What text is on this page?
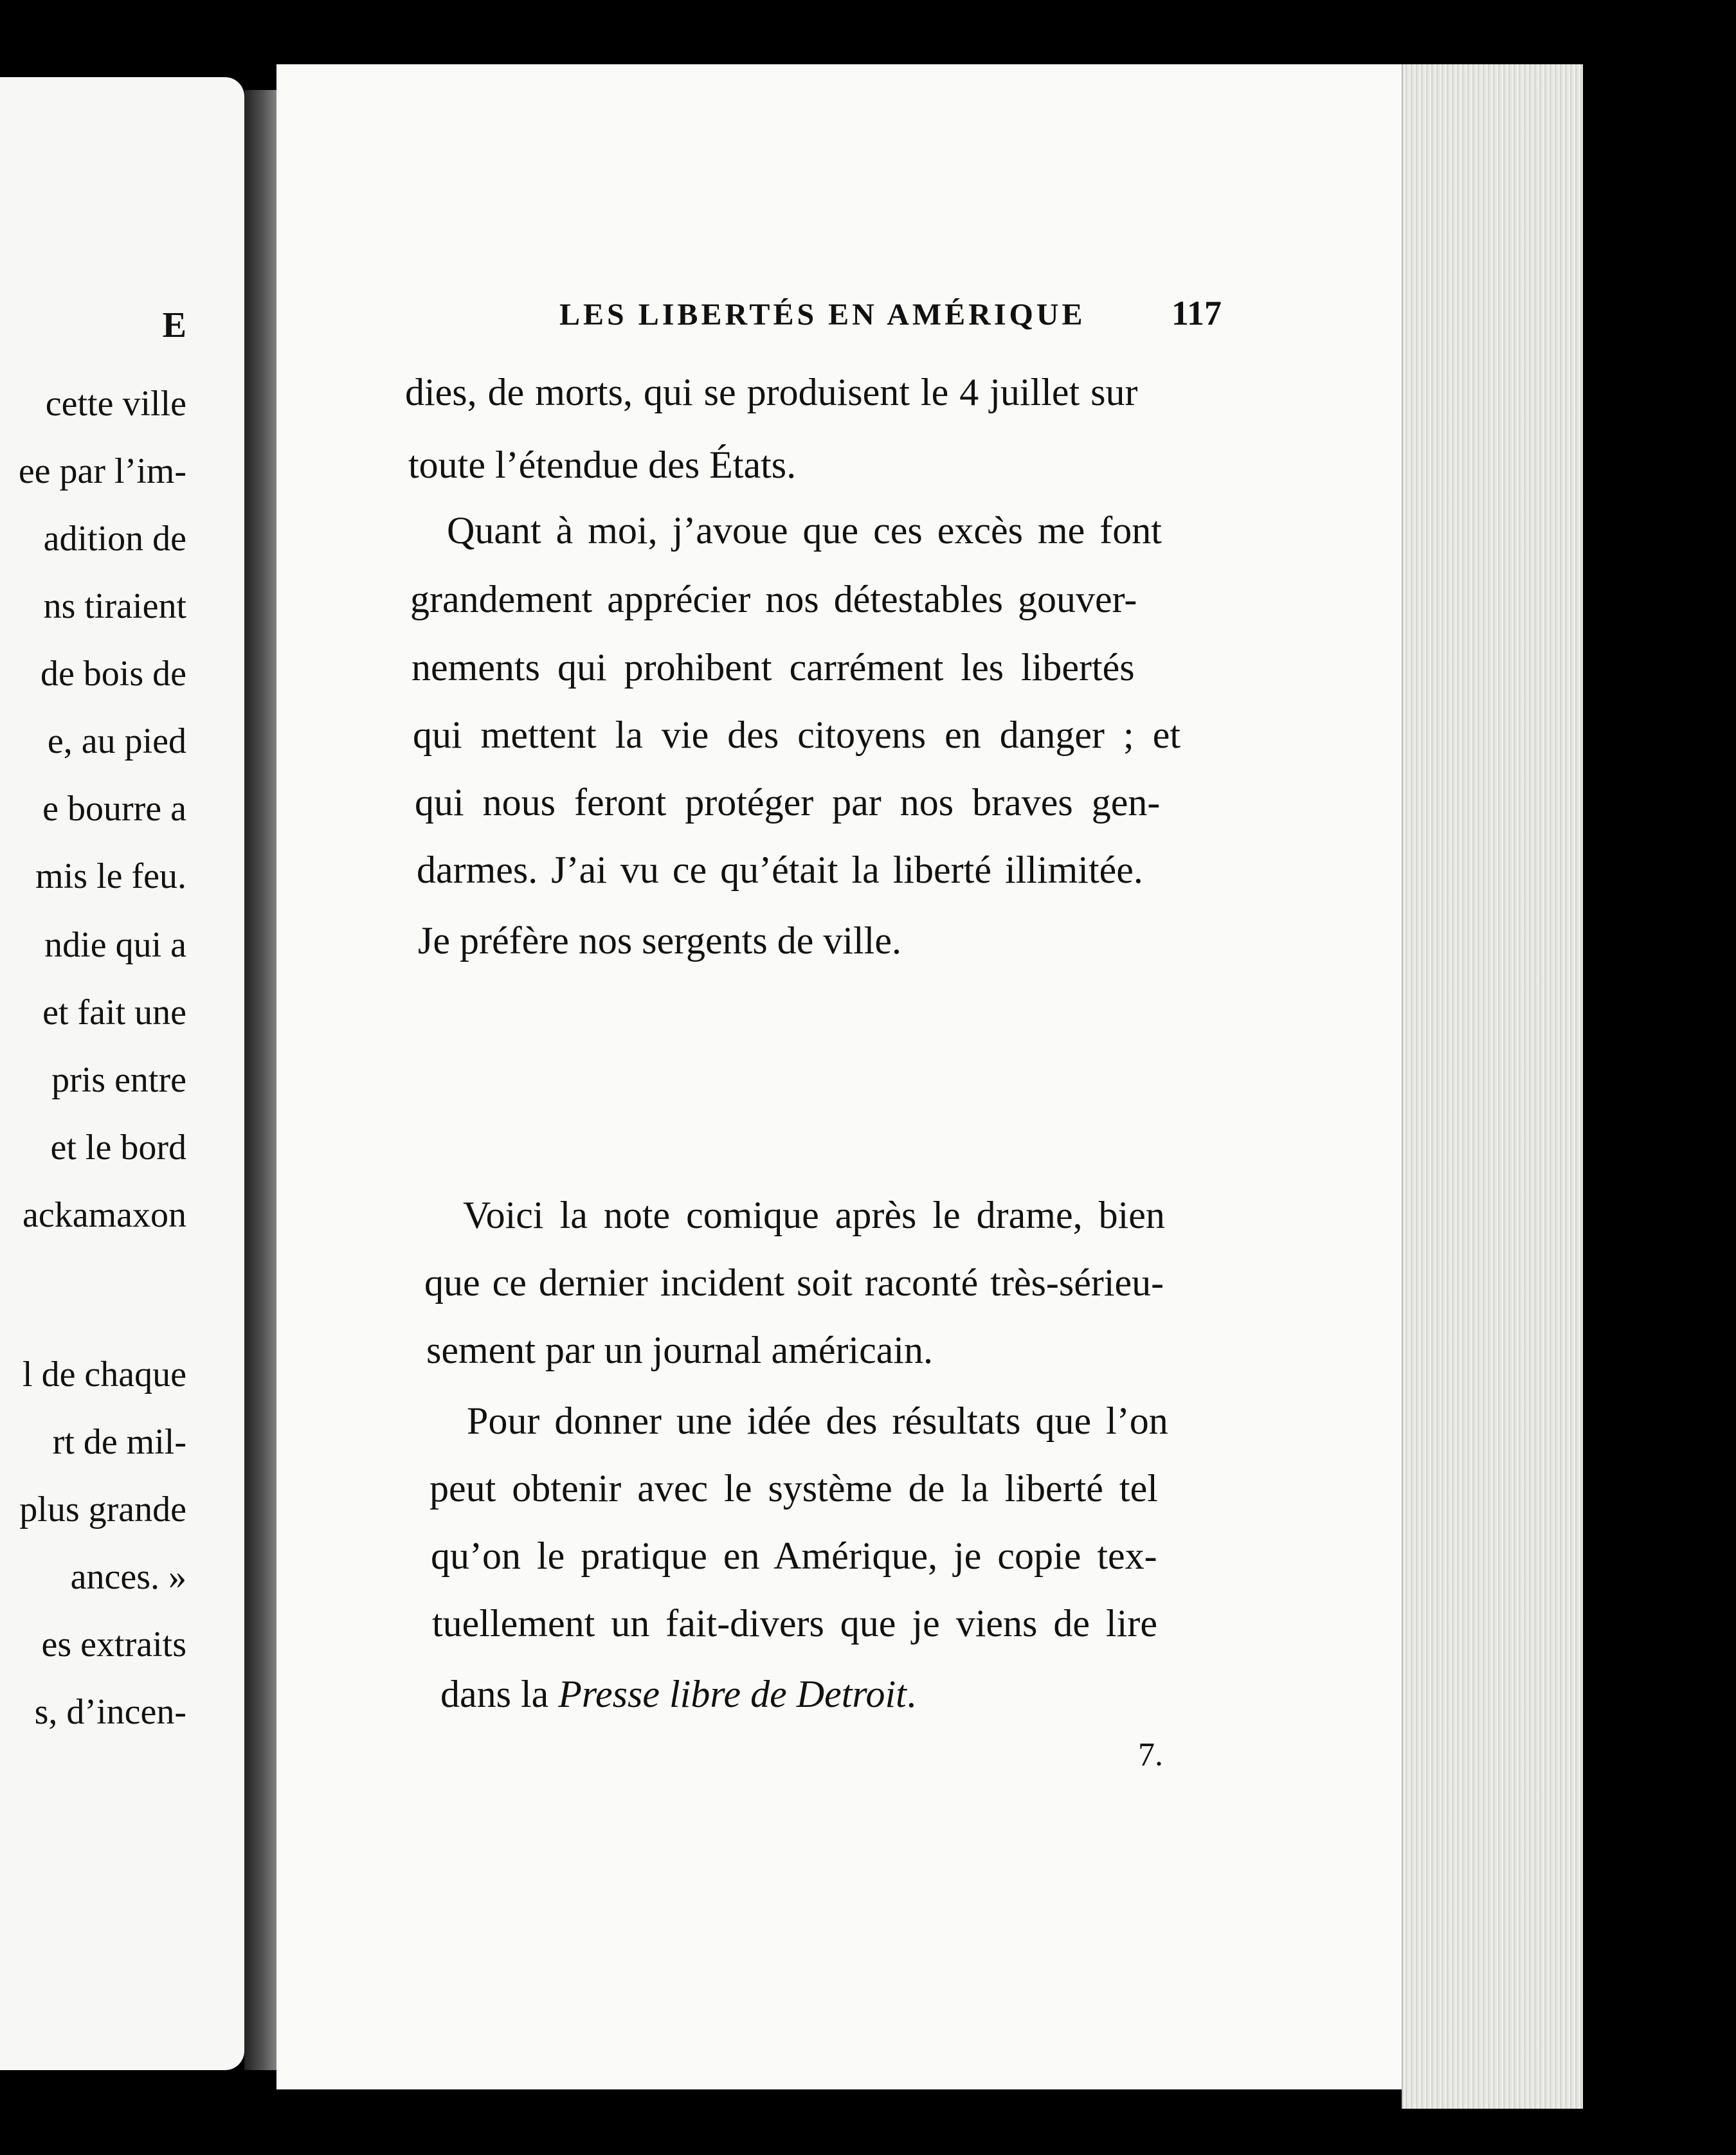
E
cette ville
ee par l’im-
adition de
ns tiraient
de bois de
e, au pied
e bourre a
mis le feu.
ndie qui a
et fait une
pris entre
et le bord
ackamaxon
l de chaque
rt de mil-
plus grande
ances. »
es extraits
s, d’incen-
LES LIBERTÉS EN AMÉRIQUE 117
dies, de morts, qui se produisent le 4 juillet sur
toute l’étendue des États.
Quant à moi, j’avoue que ces excès me font
grandement apprécier nos détestables gouver-
nements qui prohibent carrément les libertés
qui mettent la vie des citoyens en danger ; et
qui nous feront protéger par nos braves gen-
darmes. J’ai vu ce qu’était la liberté illimitée.
Je préfère nos sergents de ville.
Voici la note comique après le drame, bien
que ce dernier incident soit raconté très-sérieu-
sement par un journal américain.
Pour donner une idée des résultats que l’on
peut obtenir avec le système de la liberté tel
qu’on le pratique en Amérique, je copie tex-
tuellement un fait-divers que je viens de lire
dans la Presse libre de Detroit.
7.
